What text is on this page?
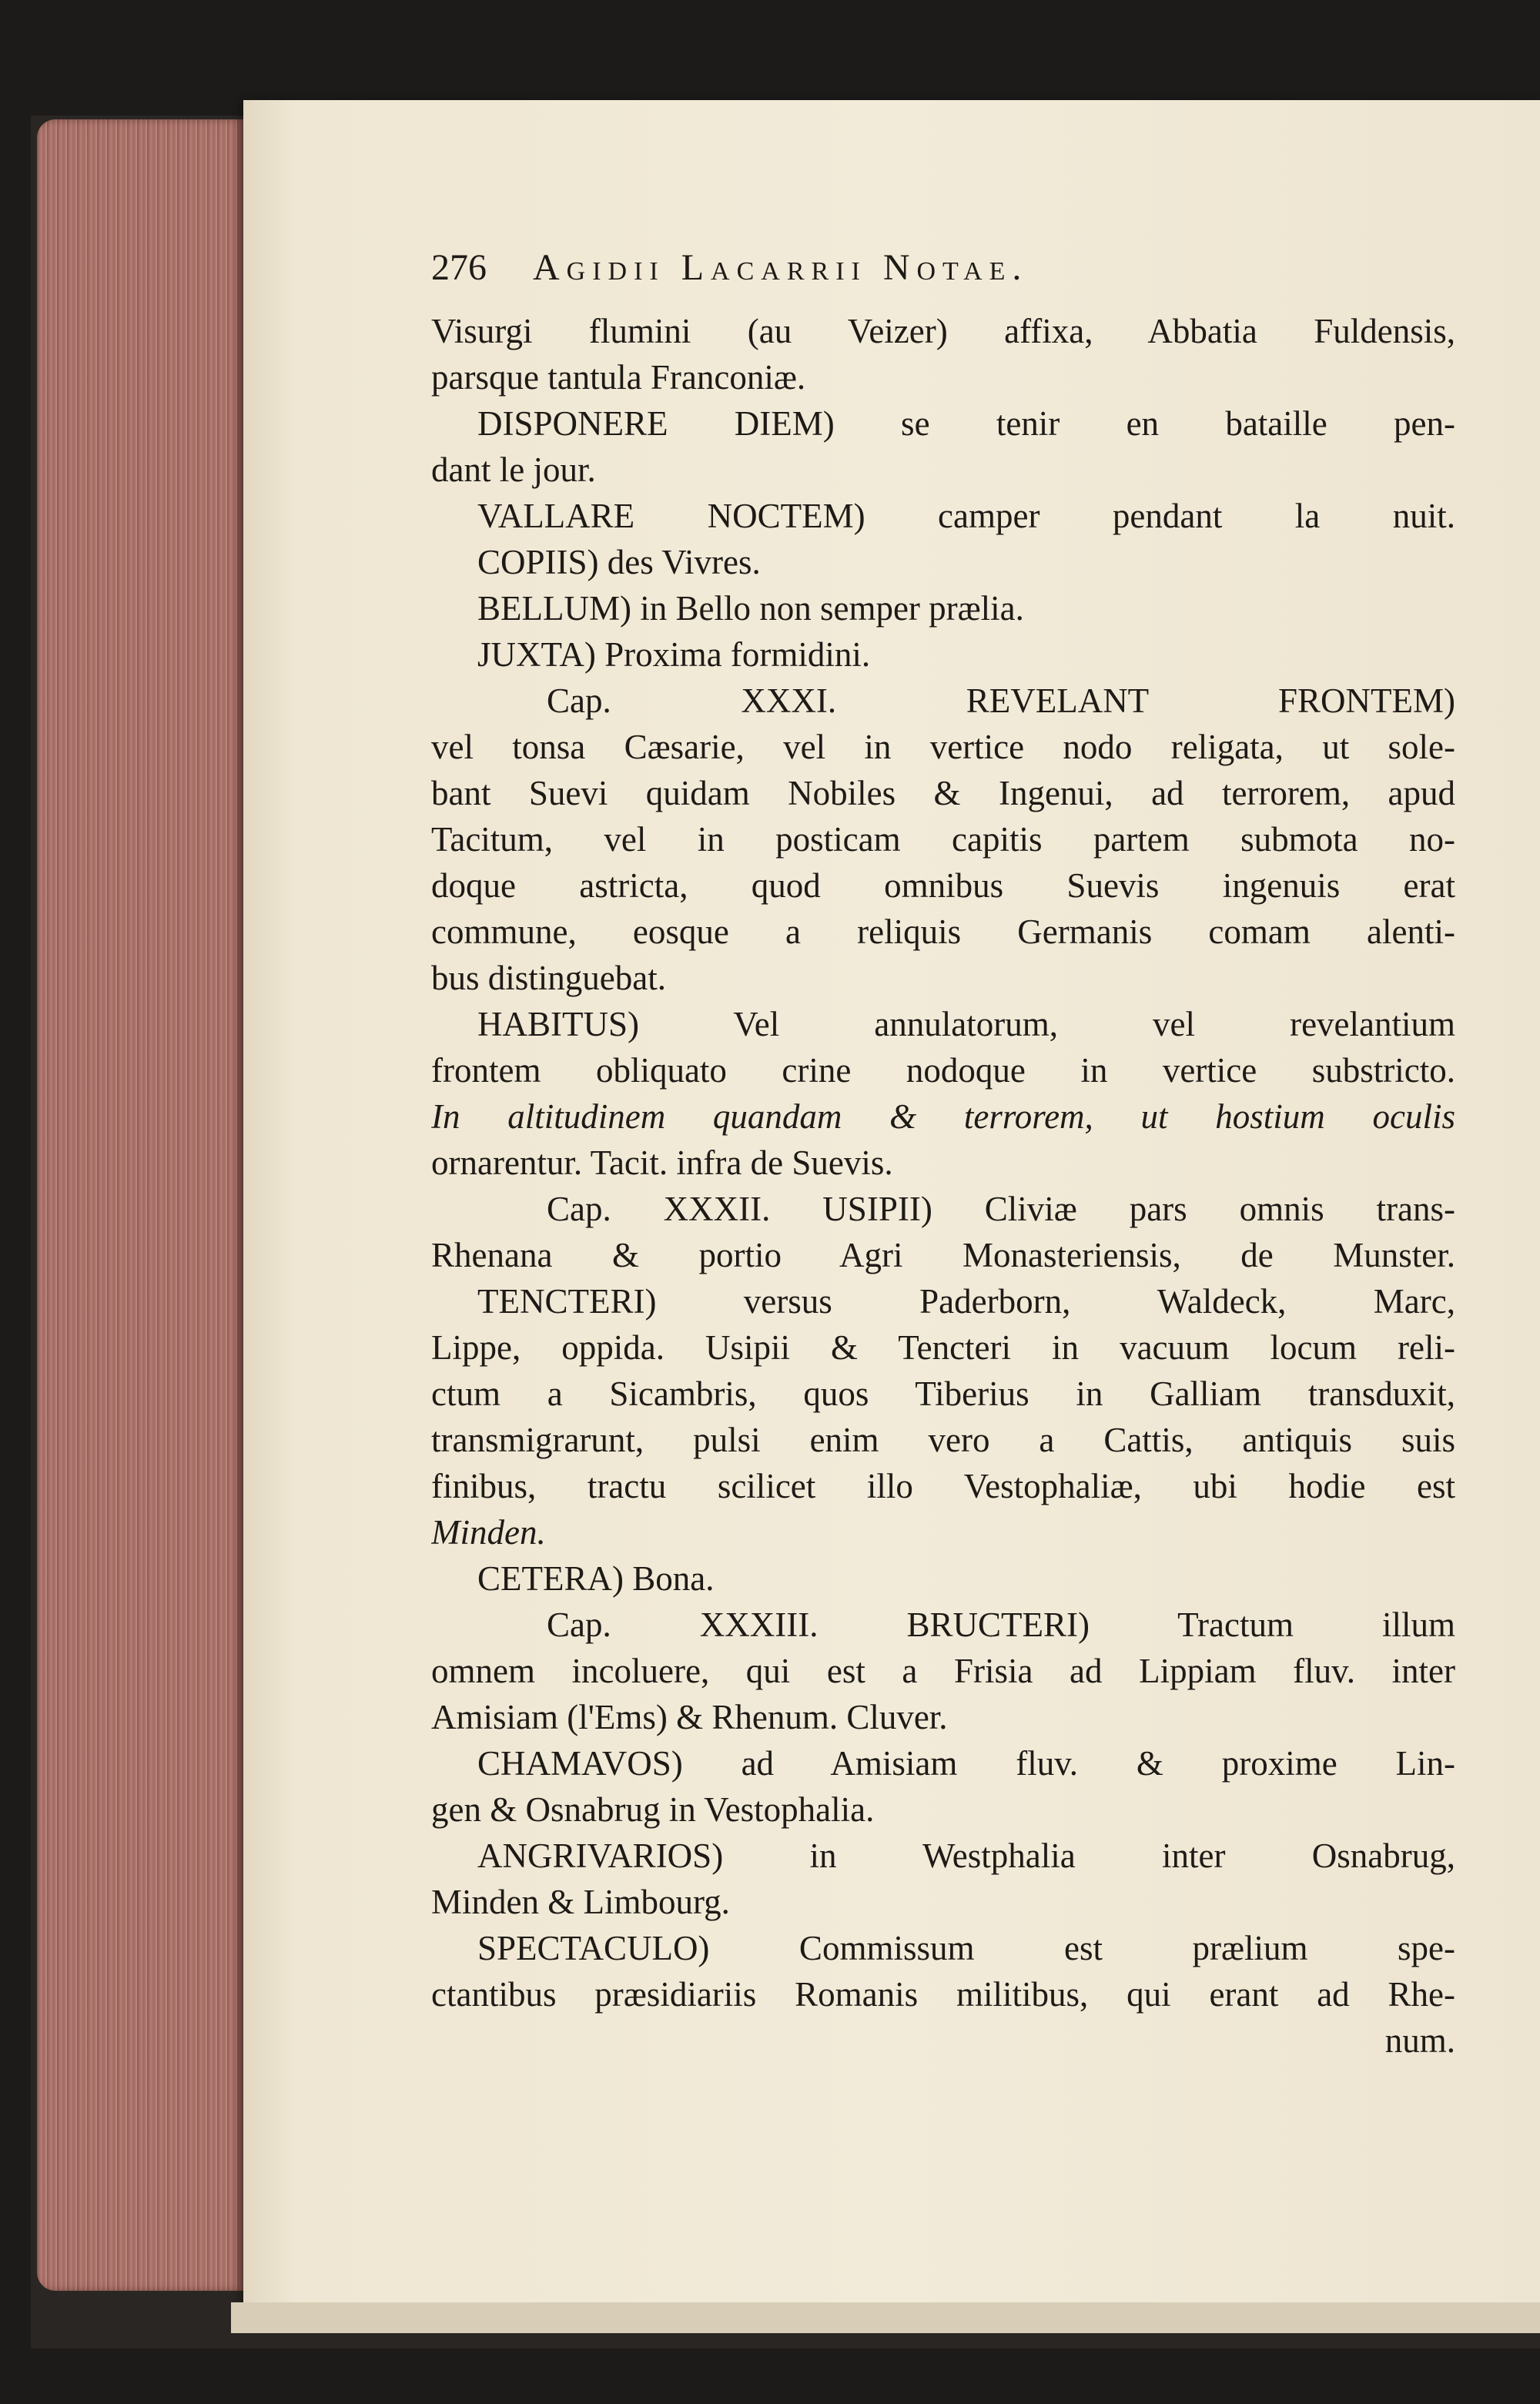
276 Agidii Lacarrii Notae.
Visurgi flumini (au Veizer) affixa, Abbatia Fuldensis,
parsque tantula Franconiæ.
DISPONERE DIEM) se tenir en bataille pen-
dant le jour.
VALLARE NOCTEM) camper pendant la nuit.
COPIIS) des Vivres.
BELLUM) in Bello non semper prælia.
JUXTA) Proxima formidini.
Cap. XXXI. REVELANT FRONTEM)
vel tonsa Cæsarie, vel in vertice nodo religata, ut sole-
bant Suevi quidam Nobiles & Ingenui, ad terrorem, apud
Tacitum, vel in posticam capitis partem submota no-
doque astricta, quod omnibus Suevis ingenuis erat
commune, eosque a reliquis Germanis comam alenti-
bus distinguebat.
HABITUS) Vel annulatorum, vel revelantium
frontem obliquato crine nodoque in vertice substricto.
In altitudinem quandam & terrorem, ut hostium oculis
ornarentur. Tacit. infra de Suevis.
Cap. XXXII. USIPII) Cliviæ pars omnis trans-
Rhenana & portio Agri Monasteriensis, de Munster.
TENCTERI) versus Paderborn, Waldeck, Marc,
Lippe, oppida. Usipii & Tencteri in vacuum locum reli-
ctum a Sicambris, quos Tiberius in Galliam transduxit,
transmigrarunt, pulsi enim vero a Cattis, antiquis suis
finibus, tractu scilicet illo Vestophaliæ, ubi hodie est
Minden.
CETERA) Bona.
Cap. XXXIII. BRUCTERI) Tractum illum
omnem incoluere, qui est a Frisia ad Lippiam fluv. inter
Amisiam (l'Ems) & Rhenum. Cluver.
CHAMAVOS) ad Amisiam fluv. & proxime Lin-
gen & Osnabrug in Vestophalia.
ANGRIVARIOS) in Westphalia inter Osnabrug,
Minden & Limbourg.
SPECTACULO) Commissum est prælium spe-
ctantibus præsidiariis Romanis militibus, qui erant ad Rhe-
num.
